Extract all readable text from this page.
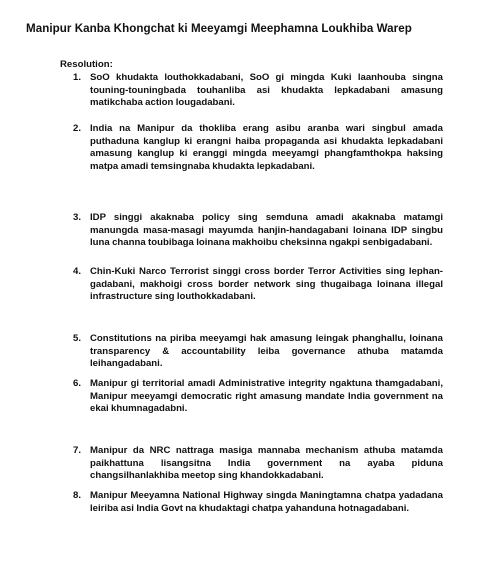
Manipur Kanba Khongchat ki Meeyamgi Meephamna Loukhiba Warep
Resolution:
1. SoO khudakta louthokkadabani, SoO gi mingda Kuki laanhouba singna touning-touningbada touhanliba asi khudakta lepkadabani amasung matikchaba action lougadabani.

2. India na Manipur da thokliba erang asibu aranba wari singbul amada puthaduna kanglup ki erangni haiba propaganda asi khudakta lepkadabani amasung kanglup ki eranggi mingda meeyamgi phangfamthokpa haksing matpa amadi temsingnaba khudakta lepkadabani.

3. IDP singgi akaknaba policy sing semduna amadi akaknaba matamgi manungda masa-masagi mayumda hanjin-handagabani loinana IDP singbu luna channa toubibaga loinana makhoibu cheksinna ngakpi senbigadabani.

4. Chin-Kuki Narco Terrorist singgi cross border Terror Activities sing lephan-gadabani, makhoigi cross border network sing thugaibaga loinana illegal infrastructure sing louthokkadabani.

5. Constitutions na piriba meeyamgi hak amasung leingak phanghallu, loinana transparency & accountability leiba governance athuba matamda leihangadabani.

6. Manipur gi territorial amadi Administrative integrity ngaktuna thamgadabani, Manipur meeyamgi democratic right amasung mandate India government na ekai khumnagadabni.

7. Manipur da NRC nattraga masiga mannaba mechanism athuba matamda paikhattuna lisangsitna India government na ayaba piduna changsilhanlakhiba meetop sing khandokkadabani.

8. Manipur Meeyamna National Highway singda Maningtamna chatpa yadadana leiriba asi India Govt na khudaktagi chatpa yahanduna hotnagadabani.
